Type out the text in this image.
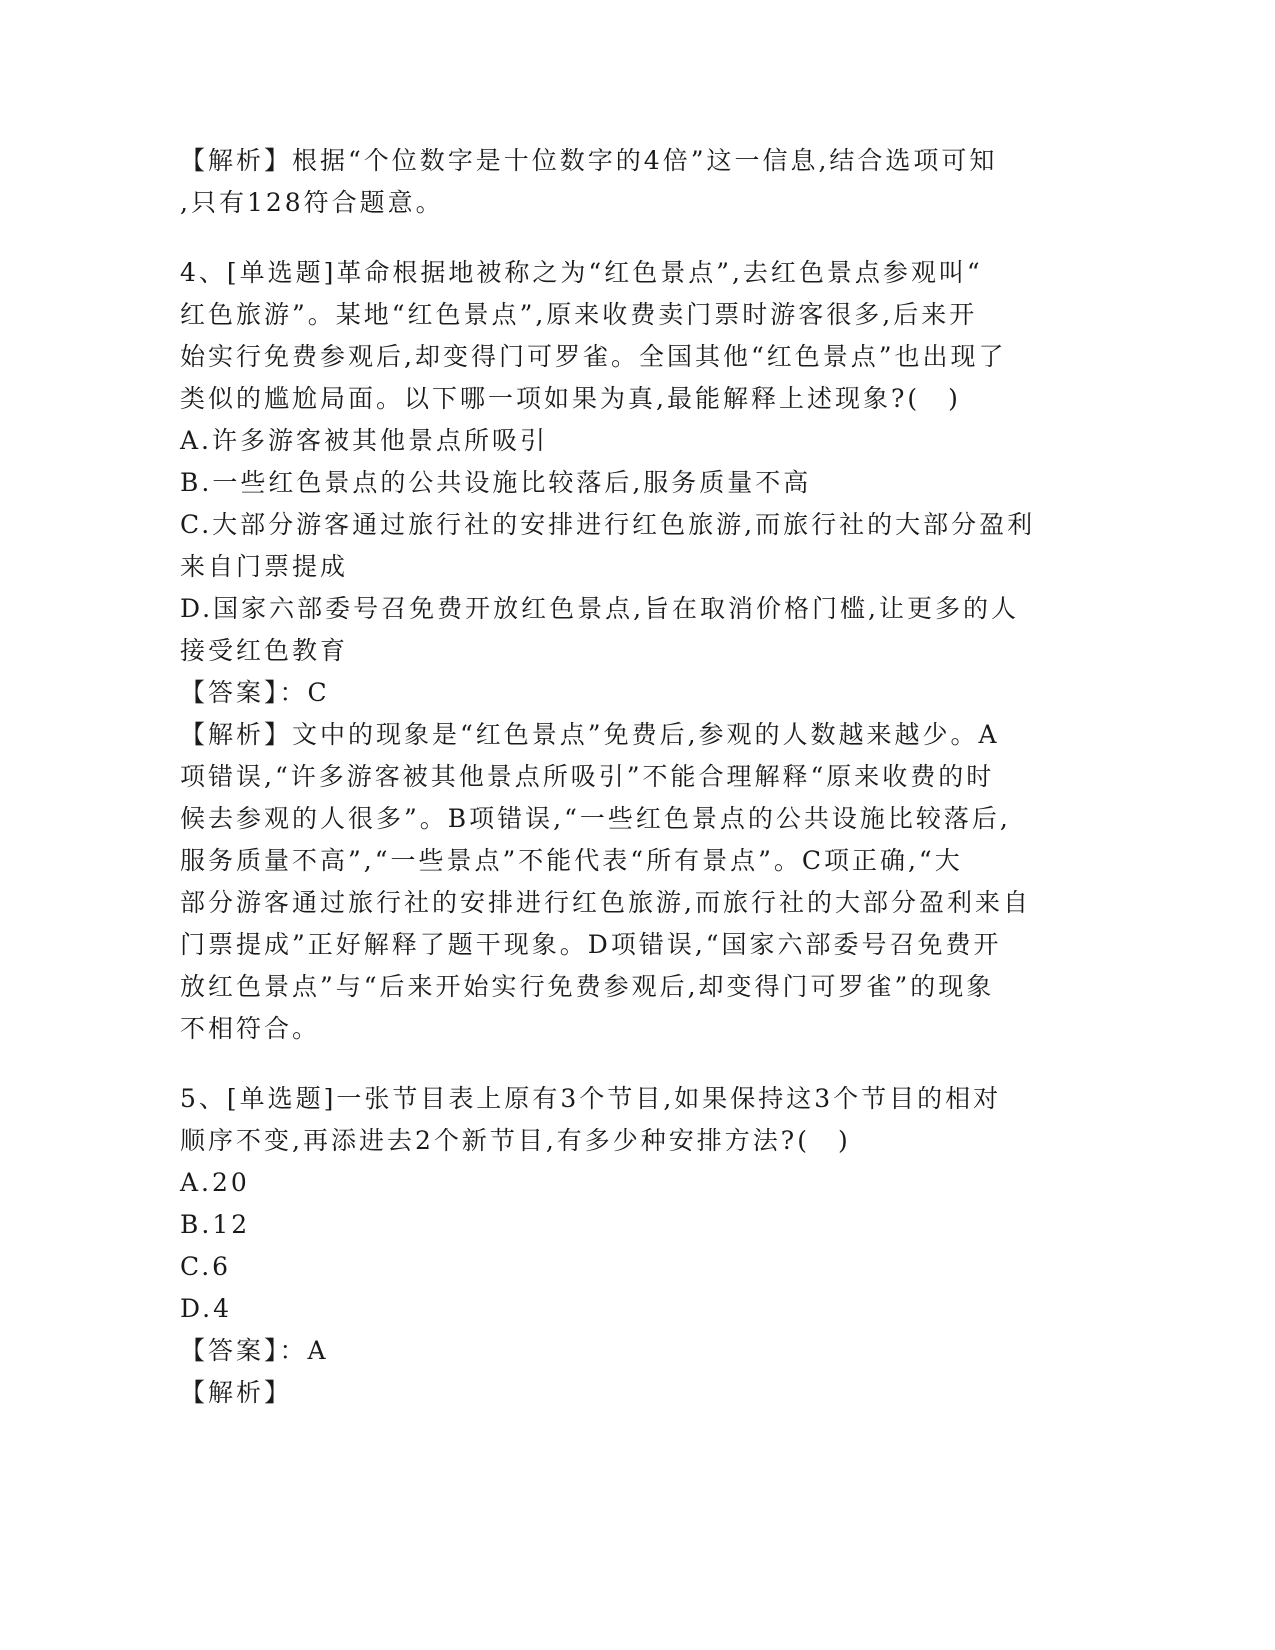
【解析】根据“个位数字是十位数字的4倍”这一信息,结合选项可知
,只有128符合题意。
4、[单选题]革命根据地被称之为“红色景点”,去红色景点参观叫“
红色旅游”。某地“红色景点”,原来收费卖门票时游客很多,后来开
始实行免费参观后,却变得门可罗雀。全国其他“红色景点”也出现了
类似的尴尬局面。以下哪一项如果为真,最能解释上述现象?(　)
A.许多游客被其他景点所吸引
B.一些红色景点的公共设施比较落后,服务质量不高
C.大部分游客通过旅行社的安排进行红色旅游,而旅行社的大部分盈利
来自门票提成
D.国家六部委号召免费开放红色景点,旨在取消价格门槛,让更多的人
接受红色教育
【答案】：C
【解析】文中的现象是“红色景点”免费后,参观的人数越来越少。A
项错误,“许多游客被其他景点所吸引”不能合理解释“原来收费的时
候去参观的人很多”。B项错误,“一些红色景点的公共设施比较落后,
服务质量不高”,“一些景点”不能代表“所有景点”。C项正确,“大
部分游客通过旅行社的安排进行红色旅游,而旅行社的大部分盈利来自
门票提成”正好解释了题干现象。D项错误,“国家六部委号召免费开
放红色景点”与“后来开始实行免费参观后,却变得门可罗雀”的现象
不相符合。
5、[单选题]一张节目表上原有3个节目,如果保持这3个节目的相对
顺序不变,再添进去2个新节目,有多少种安排方法?(　)
A.20
B.12
C.6
D.4
【答案】：A
【解析】
